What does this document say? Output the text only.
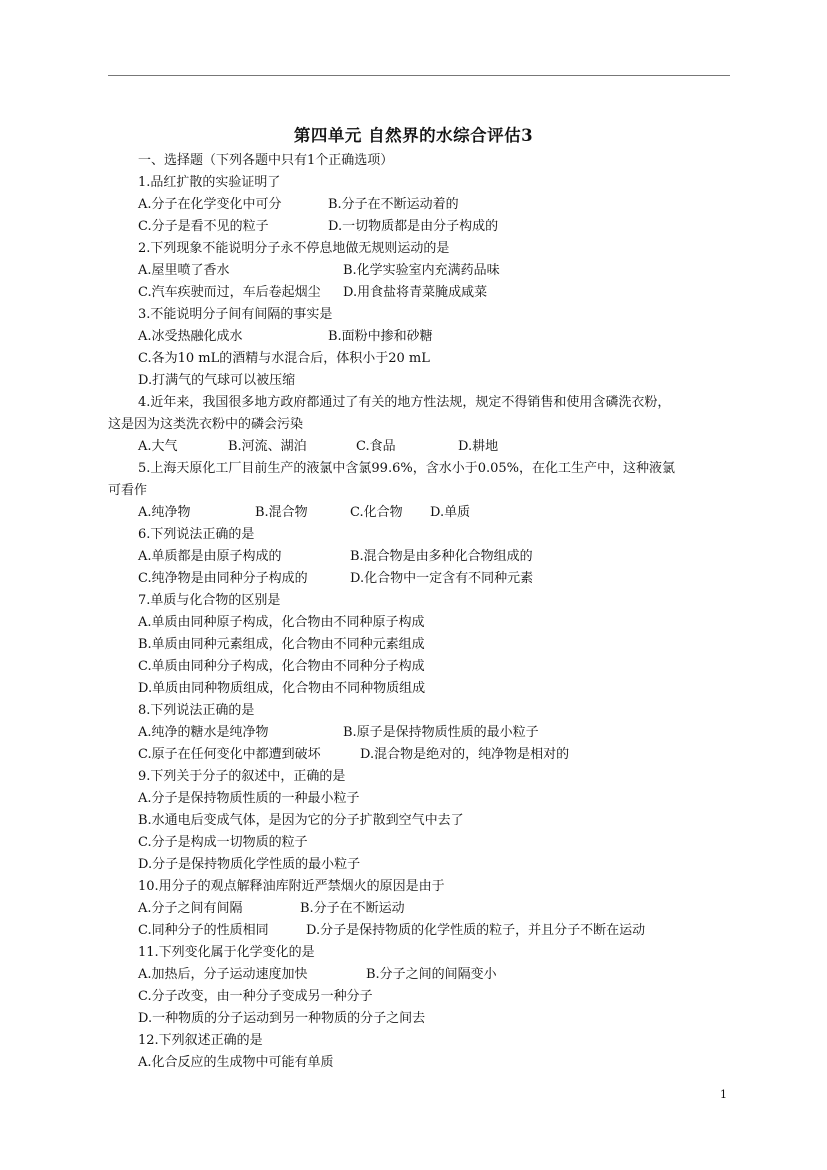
第四单元 自然界的水综合评估3
一、选择题（下列各题中只有1个正确选项）
1.品红扩散的实验证明了
A.分子在化学变化中可分	B.分子在不断运动着的
C.分子是看不见的粒子	D.一切物质都是由分子构成的
2.下列现象不能说明分子永不停息地做无规则运动的是
A.屋里喷了香水	B.化学实验室内充满药品味
C.汽车疾驶而过，车后卷起烟尘 D.用食盐将青菜腌成咸菜
3.不能说明分子间有间隔的事实是
A.冰受热融化成水	B.面粉中掺和砂糖
C.各为10 mL的酒精与水混合后，体积小于20 mL
D.打满气的气球可以被压缩
4.近年来，我国很多地方政府都通过了有关的地方性法规，规定不得销售和使用含磷洗衣粉，
这是因为这类洗衣粉中的磷会污染
A.大气	B.河流、湖泊	C.食品	D.耕地
5.上海天原化工厂目前生产的液氯中含氯99.6%，含水小于0.05%，在化工生产中，这种液氯
可看作
A.纯净物	B.混合物	C.化合物 D.单质
6.下列说法正确的是
A.单质都是由原子构成的	B.混合物是由多种化合物组成的
C.纯净物是由同种分子构成的	D.化合物中一定含有不同种元素
7.单质与化合物的区别是
A.单质由同种原子构成，化合物由不同种原子构成
B.单质由同种元素组成，化合物由不同种元素组成
C.单质由同种分子构成，化合物由不同种分子构成
D.单质由同种物质组成，化合物由不同种物质组成
8.下列说法正确的是
A.纯净的糖水是纯净物	B.原子是保持物质性质的最小粒子
C.原子在任何变化中都遭到破坏	D.混合物是绝对的，纯净物是相对的
9.下列关于分子的叙述中，正确的是
A.分子是保持物质性质的一种最小粒子
B.水通电后变成气体，是因为它的分子扩散到空气中去了
C.分子是构成一切物质的粒子
D.分子是保持物质化学性质的最小粒子
10.用分子的观点解释油库附近严禁烟火的原因是由于
A.分子之间有间隔	B.分子在不断运动
C.同种分子的性质相同	D.分子是保持物质的化学性质的粒子，并且分子不断在运动
11.下列变化属于化学变化的是
A.加热后，分子运动速度加快	B.分子之间的间隔变小
C.分子改变，由一种分子变成另一种分子
D.一种物质的分子运动到另一种物质的分子之间去
12.下列叙述正确的是
A.化合反应的生成物中可能有单质
1
